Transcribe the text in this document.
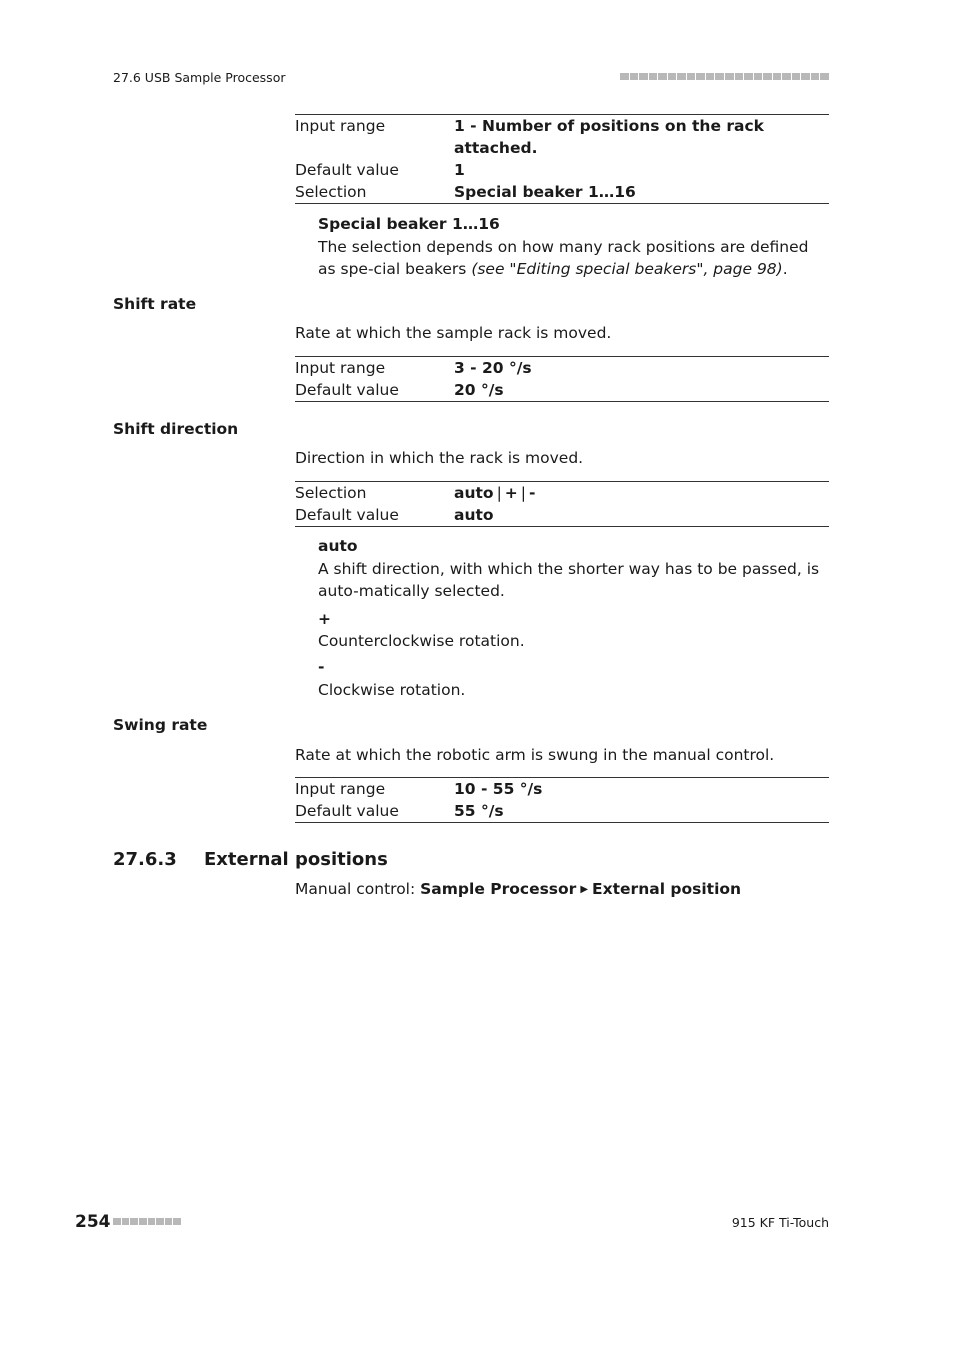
27.6 USB Sample Processor
Input range	1 - Number of positions on the rack attached.
Default value	1
Selection	Special beaker 1…16
Special beaker 1…16
The selection depends on how many rack positions are defined as spe-cial beakers (see "Editing special beakers", page 98).
Shift rate
Rate at which the sample rack is moved.
Input range	3 - 20 °/s
Default value	20 °/s
Shift direction
Direction in which the rack is moved.
Selection	auto | + | -
Default value	auto
auto
A shift direction, with which the shorter way has to be passed, is auto-matically selected.
+
Counterclockwise rotation.
-
Clockwise rotation.
Swing rate
Rate at which the robotic arm is swung in the manual control.
Input range	10 - 55 °/s
Default value	55 °/s
27.6.3 External positions
Manual control: Sample Processor ▶ External position
254	915 KF Ti-Touch
